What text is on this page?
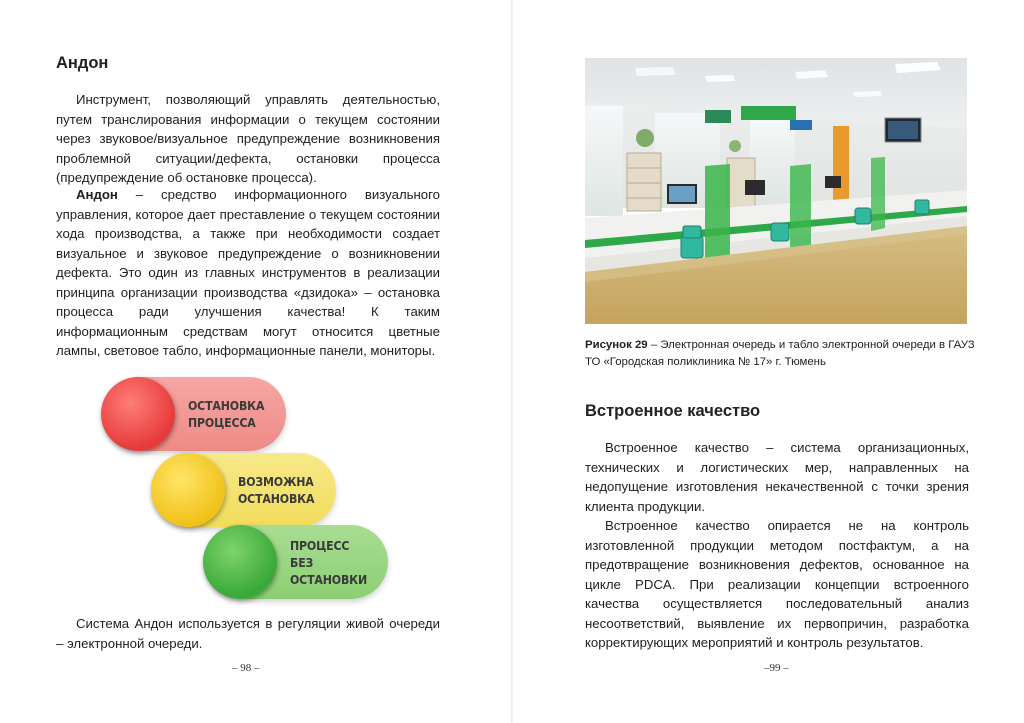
Андон

Инструмент, позволяющий управлять деятельностью, путем транслирования информации о текущем состоянии через звуковое/визуальное предупреждение возникновения проблемной ситуации/дефекта, остановки процесса (предупреждение об остановке процесса).

Андон – средство информационного визуального управления, которое дает преставление о текущем состоянии хода производства, а также при необходимости создает визуальное и звуковое предупреждение о возникновении дефекта. Это один из главных инструментов в реализации принципа организации производства «дзидока» – остановка процесса ради улучшения качества! К таким информационным средствам могут относится цветные лампы, световое табло, информационные панели, мониторы.

ОСТАНОВКА
ПРОЦЕССА
ВОЗМОЖНА
ОСТАНОВКА
ПРОЦЕСС
БЕЗ ОСТАНОВКИ

Система Андон используется в регуляции живой очереди – электронной очереди.

– 98 –

Рисунок 29 – Электронная очередь и табло электронной очереди в ГАУЗ ТО «Городская поликлиника № 17» г. Тюмень

Встроенное качество

Встроенное качество – система организационных, технических и логистических мер, направленных на недопущение изготовления некачественной с точки зрения клиента продукции.

Встроенное качество опирается не на контроль изготовленной продукции методом постфактум, а на предотвращение возникновения дефектов, основанное на цикле PDCA. При реализации концепции встроенного качества осуществляется последовательный анализ несоответствий, выявление их первопричин, разработка корректирующих мероприятий и контроль результатов.

–99 –
